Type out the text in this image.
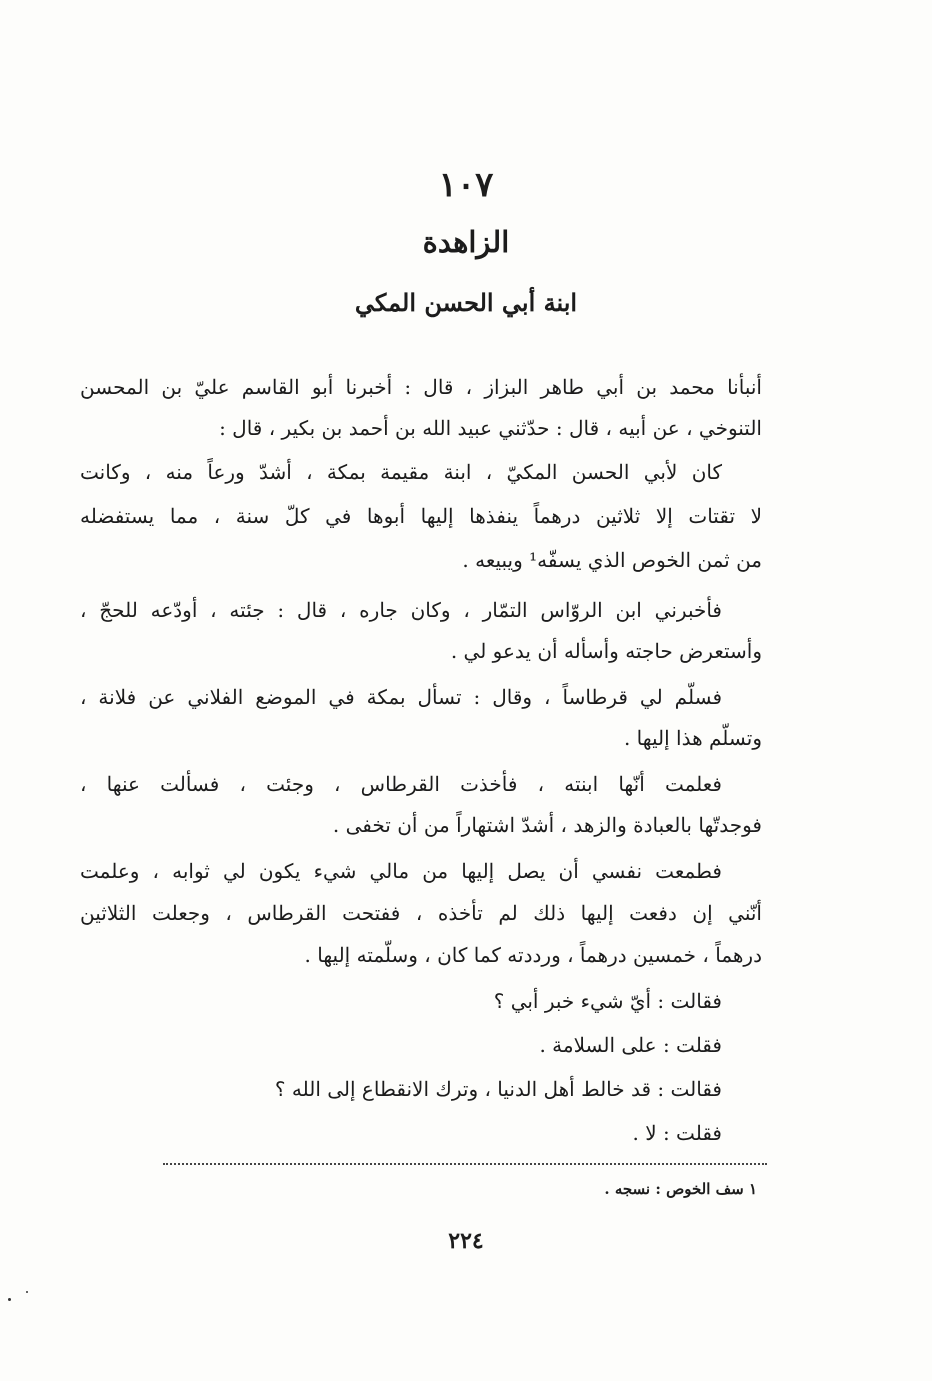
١٠٧
الزاهدة
ابنة أبي الحسن المكي
أنبأنا محمد بن أبي طاهر البزاز ، قال : أخبرنا أبو القاسم عليّ بن المحسن
التنوخي ، عن أبيه ، قال : حدّثني عبيد الله بن أحمد بن بكير ، قال :
كان لأبي الحسن المكيّ ، ابنة مقيمة بمكة ، أشدّ ورعاً منه ، وكانت
لا تقتات إلا ثلاثين درهماً ينفذها إليها أبوها في كلّ سنة ، مما يستفضله
من ثمن الخوص الذي يسفّه¹ ويبيعه .
فأخبرني ابن الروّاس التمّار ، وكان جاره ، قال : جئته ، أودّعه للحجّ ،
وأستعرض حاجته وأسأله أن يدعو لي .
فسلّم لي قرطاساً ، وقال : تسأل بمكة في الموضع الفلاني عن فلانة ،
وتسلّم هذا إليها .
فعلمت أنّها ابنته ، فأخذت القرطاس ، وجئت ، فسألت عنها ،
فوجدتّها بالعبادة والزهد ، أشدّ اشتهاراً من أن تخفى .
فطمعت نفسي أن يصل إليها من مالي شيء يكون لي ثوابه ، وعلمت
أنّني إن دفعت إليها ذلك لم تأخذه ، ففتحت القرطاس ، وجعلت الثلاثين
درهماً ، خمسين درهماً ، ورددته كما كان ، وسلّمته إليها .
فقالت : أيّ شيء خبر أبي ؟
فقلت : على السلامة .
فقالت : قد خالط أهل الدنيا ، وترك الانقطاع إلى الله ؟
فقلت : لا .
١ سف الخوص : نسجه .
٢٢٤
